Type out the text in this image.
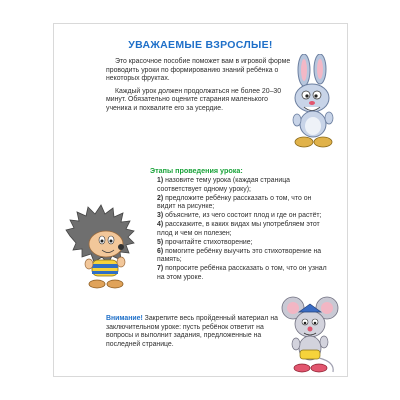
УВАЖАЕМЫЕ ВЗРОСЛЫЕ!

Это красочное пособие поможет вам в игровой форме проводить уроки по формированию знаний ребёнка о некоторых фруктах.

Каждый урок должен продолжаться не более 20–30 минут. Обязательно оцените старания маленького ученика и похвалите его за усердие.

Этапы проведения урока:
1) назовите тему урока (каждая страница соответствует одному уроку);
2) предложите ребёнку рассказать о том, что он видит на рисунке;
3) объясните, из чего состоит плод и где он растёт;
4) расскажите, в каких видах мы употребляем этот плод и чем он полезен;
5) прочитайте стихотворение;
6) помогите ребёнку выучить это стихотворение на память;
7) попросите ребёнка рассказать о том, что он узнал на этом уроке.
Внимание! Закрепите весь пройденный материал на заключительном уроке: пусть ребёнок ответит на вопросы и выполнит задания, предложенные на последней странице.
